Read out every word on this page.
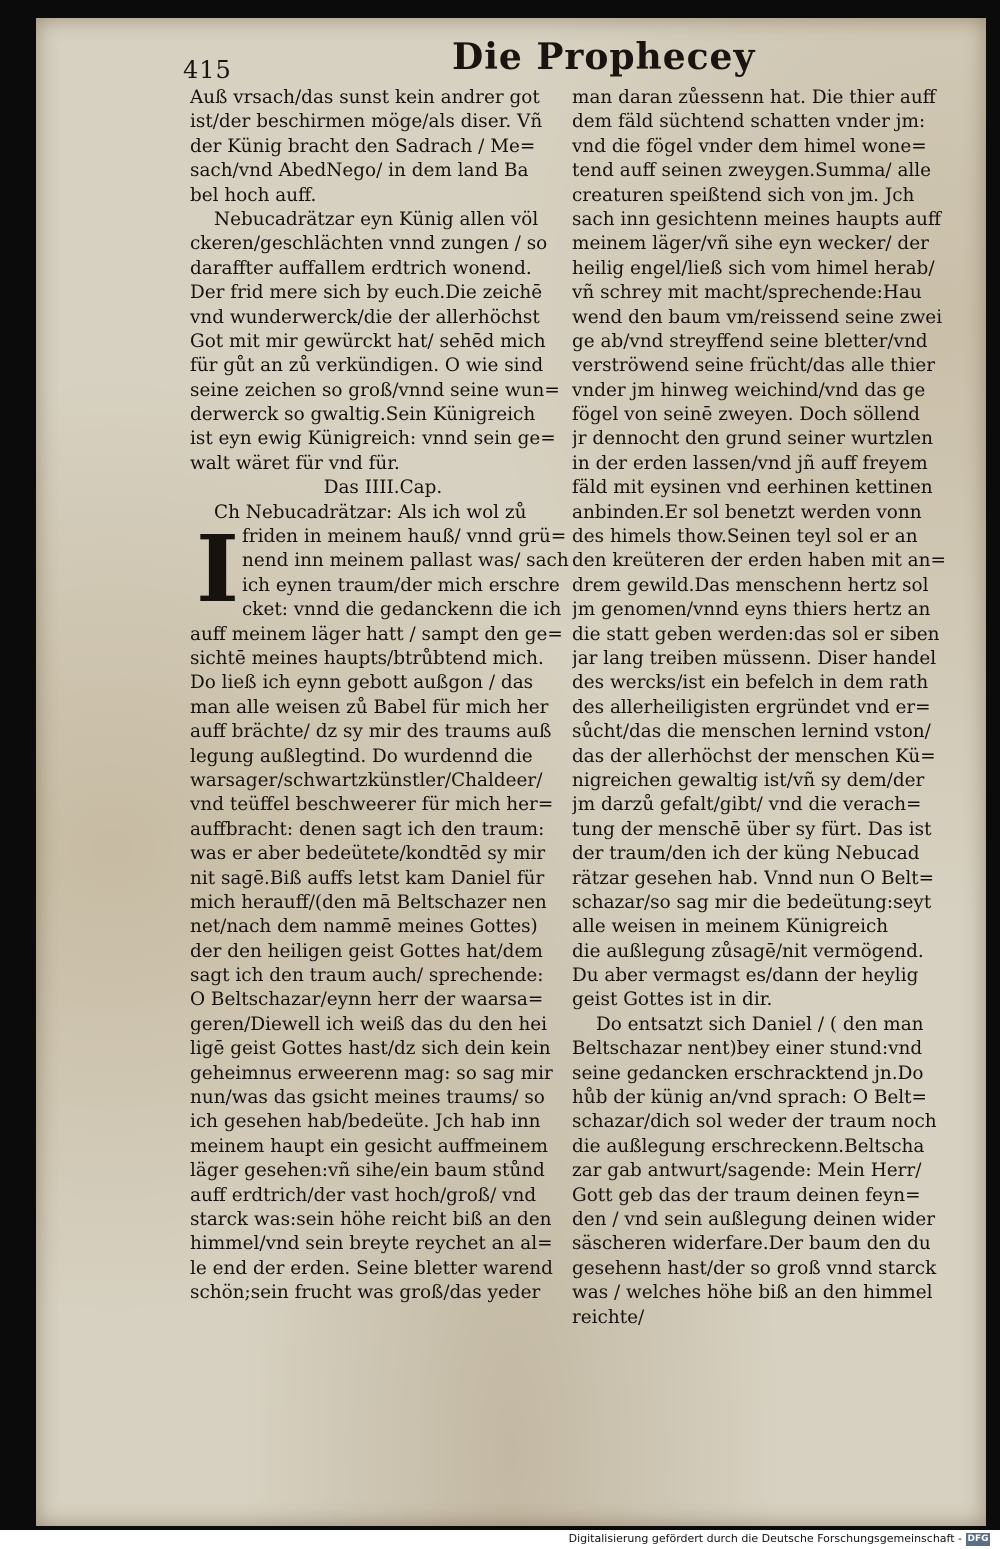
415	Die Prophecey
Auß vrsach/das sunst kein andrer got
ist/der beschirmen möge/als diser. Vñ
der Künig bracht den Sadrach / Me=
sach/vnd AbedNego/ in dem land Ba
bel hoch auff.
Nebucadrätzar eyn Künig allen völ
ckeren/geschlächten vnnd zungen / so
daraffter auffallem erdtrich wonend.
Der frid mere sich by euch.Die zeichē
vnd wunderwerck/die der allerhöchst
Got mit mir gewürckt hat/ sehēd mich
für gůt an zů verkündigen. O wie sind
seine zeichen so groß/vnnd seine wun=
derwerck so gwaltig.Sein Künigreich
ist eyn ewig Künigreich: vnnd sein ge=
walt wäret für vnd für.
Das IIII.Cap.
Ch Nebucadrätzar: Als ich wol zů
friden in meinem hauß/ vnnd grü=
nend inn meinem pallast was/ sach
ich eynen traum/der mich erschre
cket: vnnd die gedanckenn die ich
auff meinem läger hatt / sampt den ge=
sichtē meines haupts/btrůbtend mich.
Do ließ ich eynn gebott außgon / das
man alle weisen zů Babel für mich her
auff brächte/ dz sy mir des traums auß
legung außlegtind. Do wurdennd die
warsager/schwartzkünstler/Chaldeer/
vnd teüffel beschweerer für mich her=
auffbracht: denen sagt ich den traum:
was er aber bedeütete/kondtēd sy mir
nit sagē.Biß auffs letst kam Daniel für
mich herauff/(den mā Beltschazer nen
net/nach dem nammē meines Gottes)
der den heiligen geist Gottes hat/dem
sagt ich den traum auch/ sprechende:
O Beltschazar/eynn herr der waarsa=
geren/Diewell ich weiß das du den hei
ligē geist Gottes hast/dz sich dein kein
geheimnus erweerenn mag: so sag mir
nun/was das gsicht meines traums/ so
ich gesehen hab/bedeüte. Jch hab inn
meinem haupt ein gesicht auffmeinem
läger gesehen:vñ sihe/ein baum stůnd
auff erdtrich/der vast hoch/groß/ vnd
starck was:sein höhe reicht biß an den
himmel/vnd sein breyte reychet an al=
le end der erden. Seine bletter warend
schön;sein frucht was groß/das yeder
I
man daran zůessenn hat. Die thier auff
dem fäld süchtend schatten vnder jm:
vnd die fögel vnder dem himel wone=
tend auff seinen zweygen.Summa/ alle
creaturen speißtend sich von jm. Jch
sach inn gesichtenn meines haupts auff
meinem läger/vñ sihe eyn wecker/ der
heilig engel/ließ sich vom himel herab/
vñ schrey mit macht/sprechende:Hau
wend den baum vm/reissend seine zwei
ge ab/vnd streyffend seine bletter/vnd
verströwend seine frücht/das alle thier
vnder jm hinweg weichind/vnd das ge
fögel von seinē zweyen. Doch söllend
jr dennocht den grund seiner wurtzlen
in der erden lassen/vnd jñ auff freyem
fäld mit eysinen vnd eerhinen kettinen
anbinden.Er sol benetzt werden vonn
des himels thow.Seinen teyl sol er an
den kreüteren der erden haben mit an=
drem gewild.Das menschenn hertz sol
jm genomen/vnnd eyns thiers hertz an
die statt geben werden:das sol er siben
jar lang treiben müssenn. Diser handel
des wercks/ist ein befelch in dem rath
des allerheiligisten ergründet vnd er=
sůcht/das die menschen lernind vston/
das der allerhöchst der menschen Kü=
nigreichen gewaltig ist/vñ sy dem/der
jm darzů gefalt/gibt/ vnd die verach=
tung der menschē über sy fürt. Das ist
der traum/den ich der küng Nebucad
rätzar gesehen hab. Vnnd nun O Belt=
schazar/so sag mir die bedeütung:seyt
alle weisen in meinem Künigreich
die außlegung zůsagē/nit vermögend.
Du aber vermagst es/dann der heylig
geist Gottes ist in dir.
Do entsatzt sich Daniel / ( den man
Beltschazar nent)bey einer stund:vnd
seine gedancken erschracktend jn.Do
hůb der künig an/vnd sprach: O Belt=
schazar/dich sol weder der traum noch
die außlegung erschreckenn.Beltscha
zar gab antwurt/sagende: Mein Herr/
Gott geb das der traum deinen feyn=
den / vnd sein außlegung deinen wider
säscheren widerfare.Der baum den du
gesehenn hast/der so groß vnnd starck
was / welches höhe biß an den himmel
reichte/
Digitalisierung gefördert durch die Deutsche Forschungsgemeinschaft - DFG
